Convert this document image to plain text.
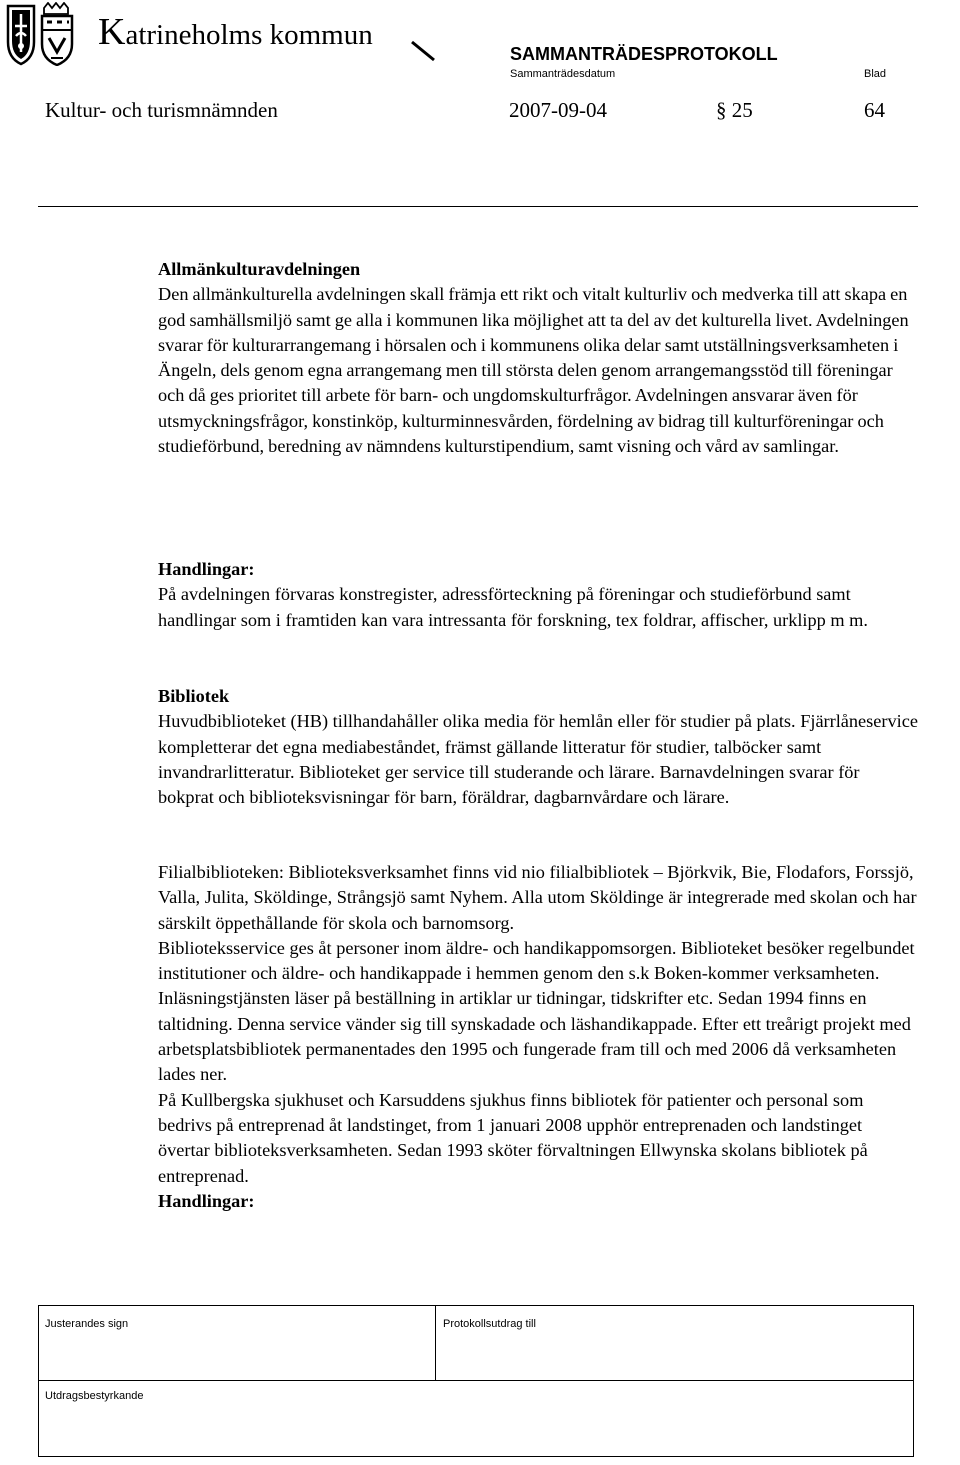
Katrineholms kommun
SAMMANTRÄDESPROTOKOLL
Sammanträdesdatum	Blad
Kultur- och turismnämnden	2007-09-04	§ 25	64

Allmänkulturavdelningen

Den allmänkulturella avdelningen skall främja ett rikt och vitalt kulturliv och medverka till att skapa en god samhällsmiljö samt ge alla i kommunen lika möjlighet att ta del av det kulturella livet. Avdelningen svarar för kulturarrangemang i hörsalen och i kommunens olika delar samt utställningsverksamheten i Ängeln, dels genom egna arrangemang men till största delen genom arrangemangsstöd till föreningar och då ges prioritet till arbete för barn- och ungdomskulturfrågor. Avdelningen ansvarar även för utsmyckningsfrågor, konstinköp, kulturminnesvården, fördelning av bidrag till kulturföreningar och studieförbund, beredning av nämndens kulturstipendium, samt visning och vård av samlingar.

Handlingar:

På avdelningen förvaras konstregister, adressförteckning på föreningar och studieförbund samt handlingar som i framtiden kan vara intressanta för forskning, tex foldrar, affischer, urklipp m m.

Bibliotek

Huvudbiblioteket (HB) tillhandahåller olika media för hemlån eller för studier på plats. Fjärrlåneservice kompletterar det egna mediabeståndet, främst gällande litteratur för studier, talböcker samt invandrarlitteratur. Biblioteket ger service till studerande och lärare. Barnavdelningen svarar för bokprat och biblioteksvisningar för barn, föräldrar, dagbarnvårdare och lärare.

Filialbiblioteken: Biblioteksverksamhet finns vid nio filialbibliotek – Björkvik, Bie, Flodafors, Forssjö, Valla, Julita, Sköldinge, Strångsjö samt Nyhem. Alla utom Sköldinge är integrerade med skolan och har särskilt öppethållande för skola och barnomsorg.

Biblioteksservice ges åt personer inom äldre- och handikappomsorgen. Biblioteket besöker regelbundet institutioner och äldre- och handikappade i hemmen genom den s.k Boken-kommer verksamheten. Inläsningstjänsten läser på beställning in artiklar ur tidningar, tidskrifter etc. Sedan 1994 finns en taltidning. Denna service vänder sig till synskadade och läshandikappade. Efter ett treårigt projekt med arbetsplatsbibliotek permanentades den 1995 och fungerade fram till och med 2006 då verksamheten lades ner.

På Kullbergska sjukhuset och Karsuddens sjukhus finns bibliotek för patienter och personal som bedrivs på entreprenad åt landstinget, from 1 januari 2008 upphör entreprenaden och landstinget övertar biblioteksverksamheten. Sedan 1993 sköter förvaltningen Ellwynska skolans bibliotek på entreprenad.

Handlingar:

Justerandes sign	Protokollsutdrag till
Utdragsbestyrkande
